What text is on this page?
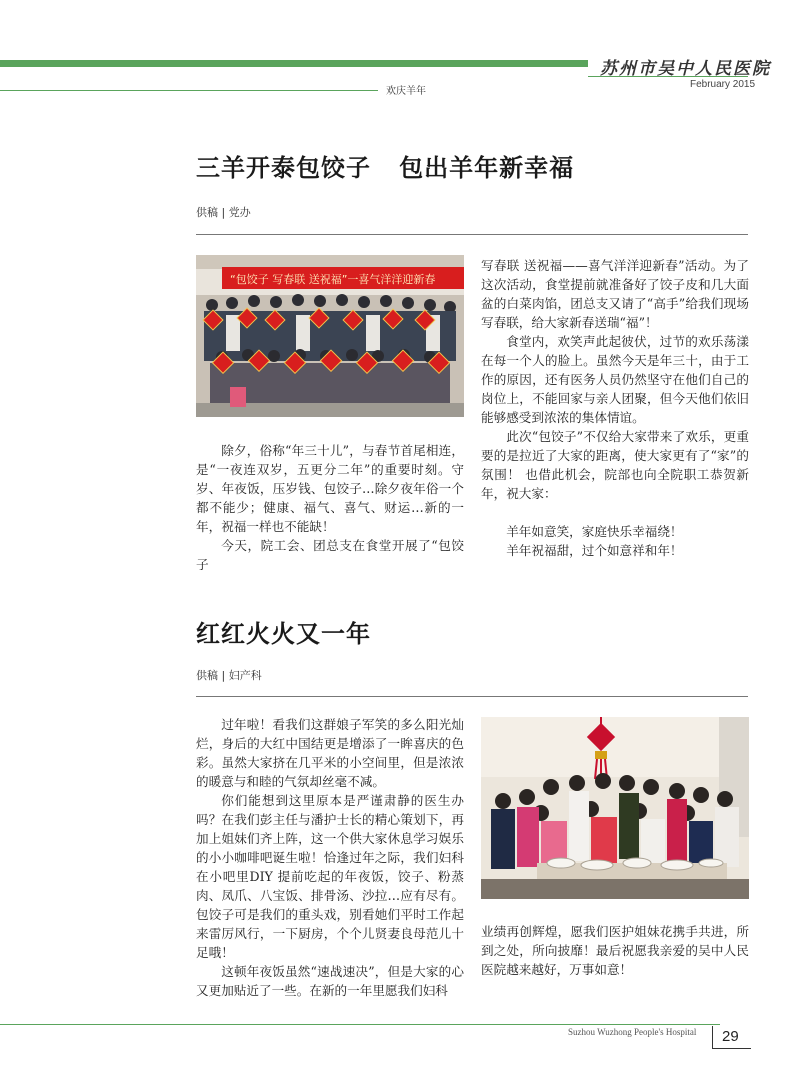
苏州市吴中人民医院
February 2015
欢庆羊年
三羊开泰包饺子   包出羊年新幸福
供稿 | 党办
“包饺子 写春联 送祝福”一喜气洋洋迎新春

除夕，俗称“年三十儿”，与春节首尾相连，是“一夜连双岁，五更分二年”的重要时刻。守岁、年夜饭，压岁钱、包饺子…除夕夜年俗一个都不能少；健康、福气、喜气、财运…新的一年，祝福一样也不能缺！

今天，院工会、团总支在食堂开展了“包饺子

写春联 送祝福——喜气洋洋迎新春”活动。为了这次活动，食堂提前就准备好了饺子皮和几大面盆的白菜肉馅，团总支又请了“高手”给我们现场写春联，给大家新春送瑞“福”！

食堂内，欢笑声此起彼伏，过节的欢乐荡漾在每一个人的脸上。虽然今天是年三十，由于工作的原因，还有医务人员仍然坚守在他们自己的岗位上，不能回家与亲人团聚，但今天他们依旧能够感受到浓浓的集体情谊。

此次“包饺子”不仅给大家带来了欢乐，更重要的是拉近了大家的距离，使大家更有了“家”的氛围！ 也借此机会，院部也向全院职工恭贺新年，祝大家：

羊年如意笑，家庭快乐幸福绕！

羊年祝福甜，过个如意祥和年！

红红火火又一年
供稿 | 妇产科

过年啦！看我们这群娘子军笑的多么阳光灿烂，身后的大红中国结更是增添了一眸喜庆的色彩。虽然大家挤在几平米的小空间里，但是浓浓的暖意与和睦的气氛却丝毫不减。

你们能想到这里原本是严谨肃静的医生办吗？在我们彭主任与潘护士长的精心策划下，再加上姐妹们齐上阵，这一个供大家休息学习娱乐的小小咖啡吧诞生啦！恰逢过年之际，我们妇科在小吧里DIY 提前吃起的年夜饭，饺子、粉蒸肉、凤爪、八宝饭、排骨汤、沙拉…应有尽有。包饺子可是我们的重头戏，别看她们平时工作起来雷厉风行，一下厨房，个个儿贤妻良母范儿十足哦！

这顿年夜饭虽然“速战速决”，但是大家的心又更加贴近了一些。在新的一年里愿我们妇科

业绩再创辉煌，愿我们医护姐妹花携手共进，所到之处，所向披靡！最后祝愿我亲爱的吴中人民医院越来越好，万事如意！

Suzhou Wuzhong People's Hospital 29
